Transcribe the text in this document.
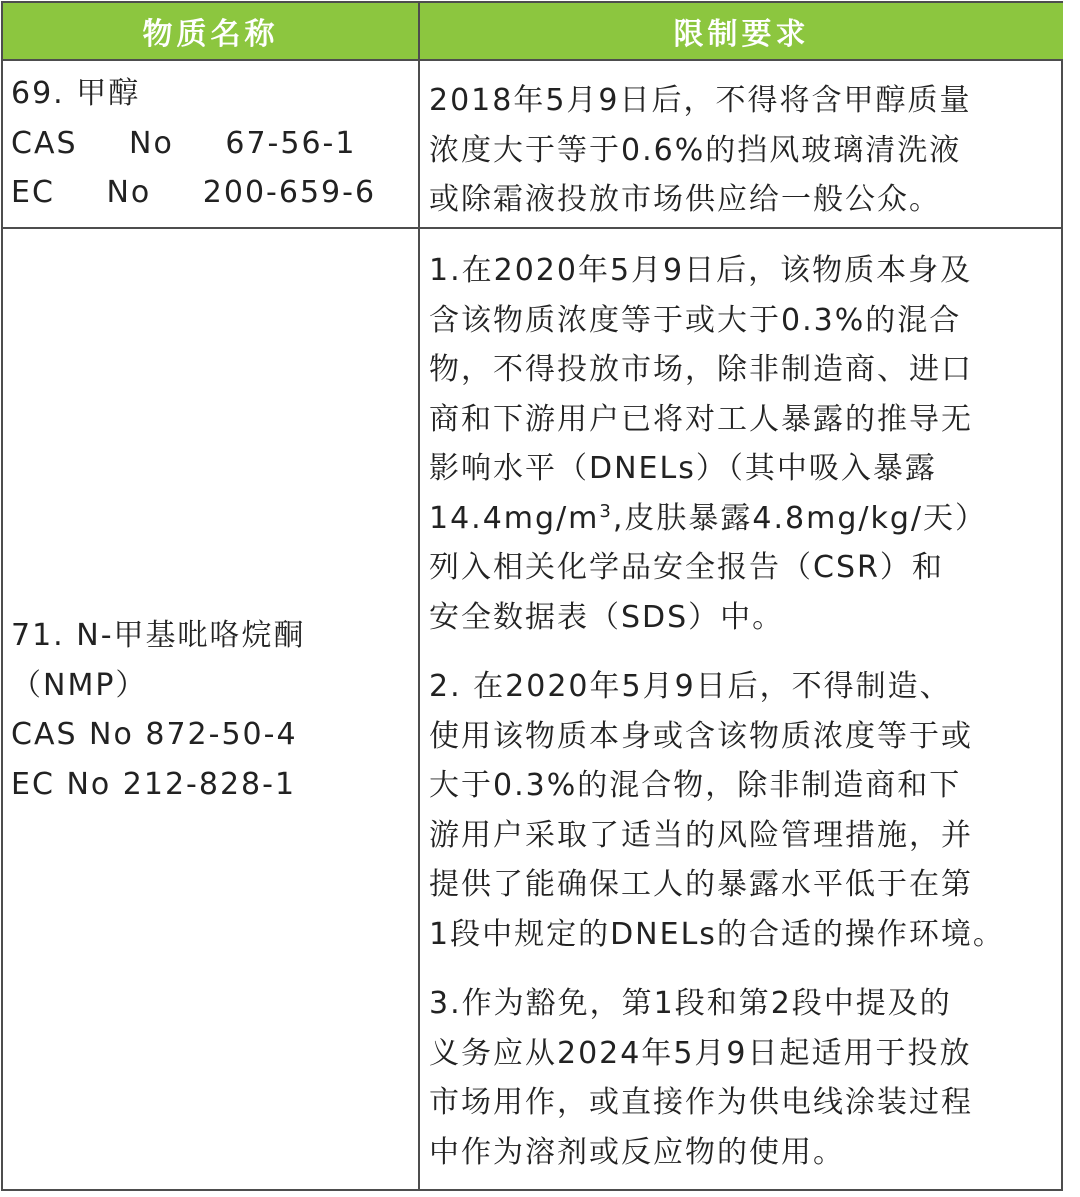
物质名称	限制要求
69. 甲醇
CAS No 67-56-1
EC No 200-659-6
2018年5月9日后，不得将含甲醇质量
浓度大于等于0.6%的挡风玻璃清洗液
或除霜液投放市场供应给一般公众。
71. N-甲基吡咯烷酮
（NMP）
CAS No 872-50-4
EC No 212-828-1
1.在2020年5月9日后，该物质本身及
含该物质浓度等于或大于0.3%的混合
物，不得投放市场，除非制造商、进口
商和下游用户已将对工人暴露的推导无
影响水平（DNELs）（其中吸入暴露
$14.4mg/m^3$,皮肤暴露4.8mg/kg/天）
列入相关化学品安全报告（CSR）和
安全数据表（SDS）中。
2. 在2020年5月9日后，不得制造、
使用该物质本身或含该物质浓度等于或
大于0.3%的混合物，除非制造商和下
游用户采取了适当的风险管理措施，并
提供了能确保工人的暴露水平低于在第
1段中规定的DNELs的合适的操作环境。
3.作为豁免，第1段和第2段中提及的
义务应从2024年5月9日起适用于投放
市场用作，或直接作为供电线涂装过程
中作为溶剂或反应物的使用。
